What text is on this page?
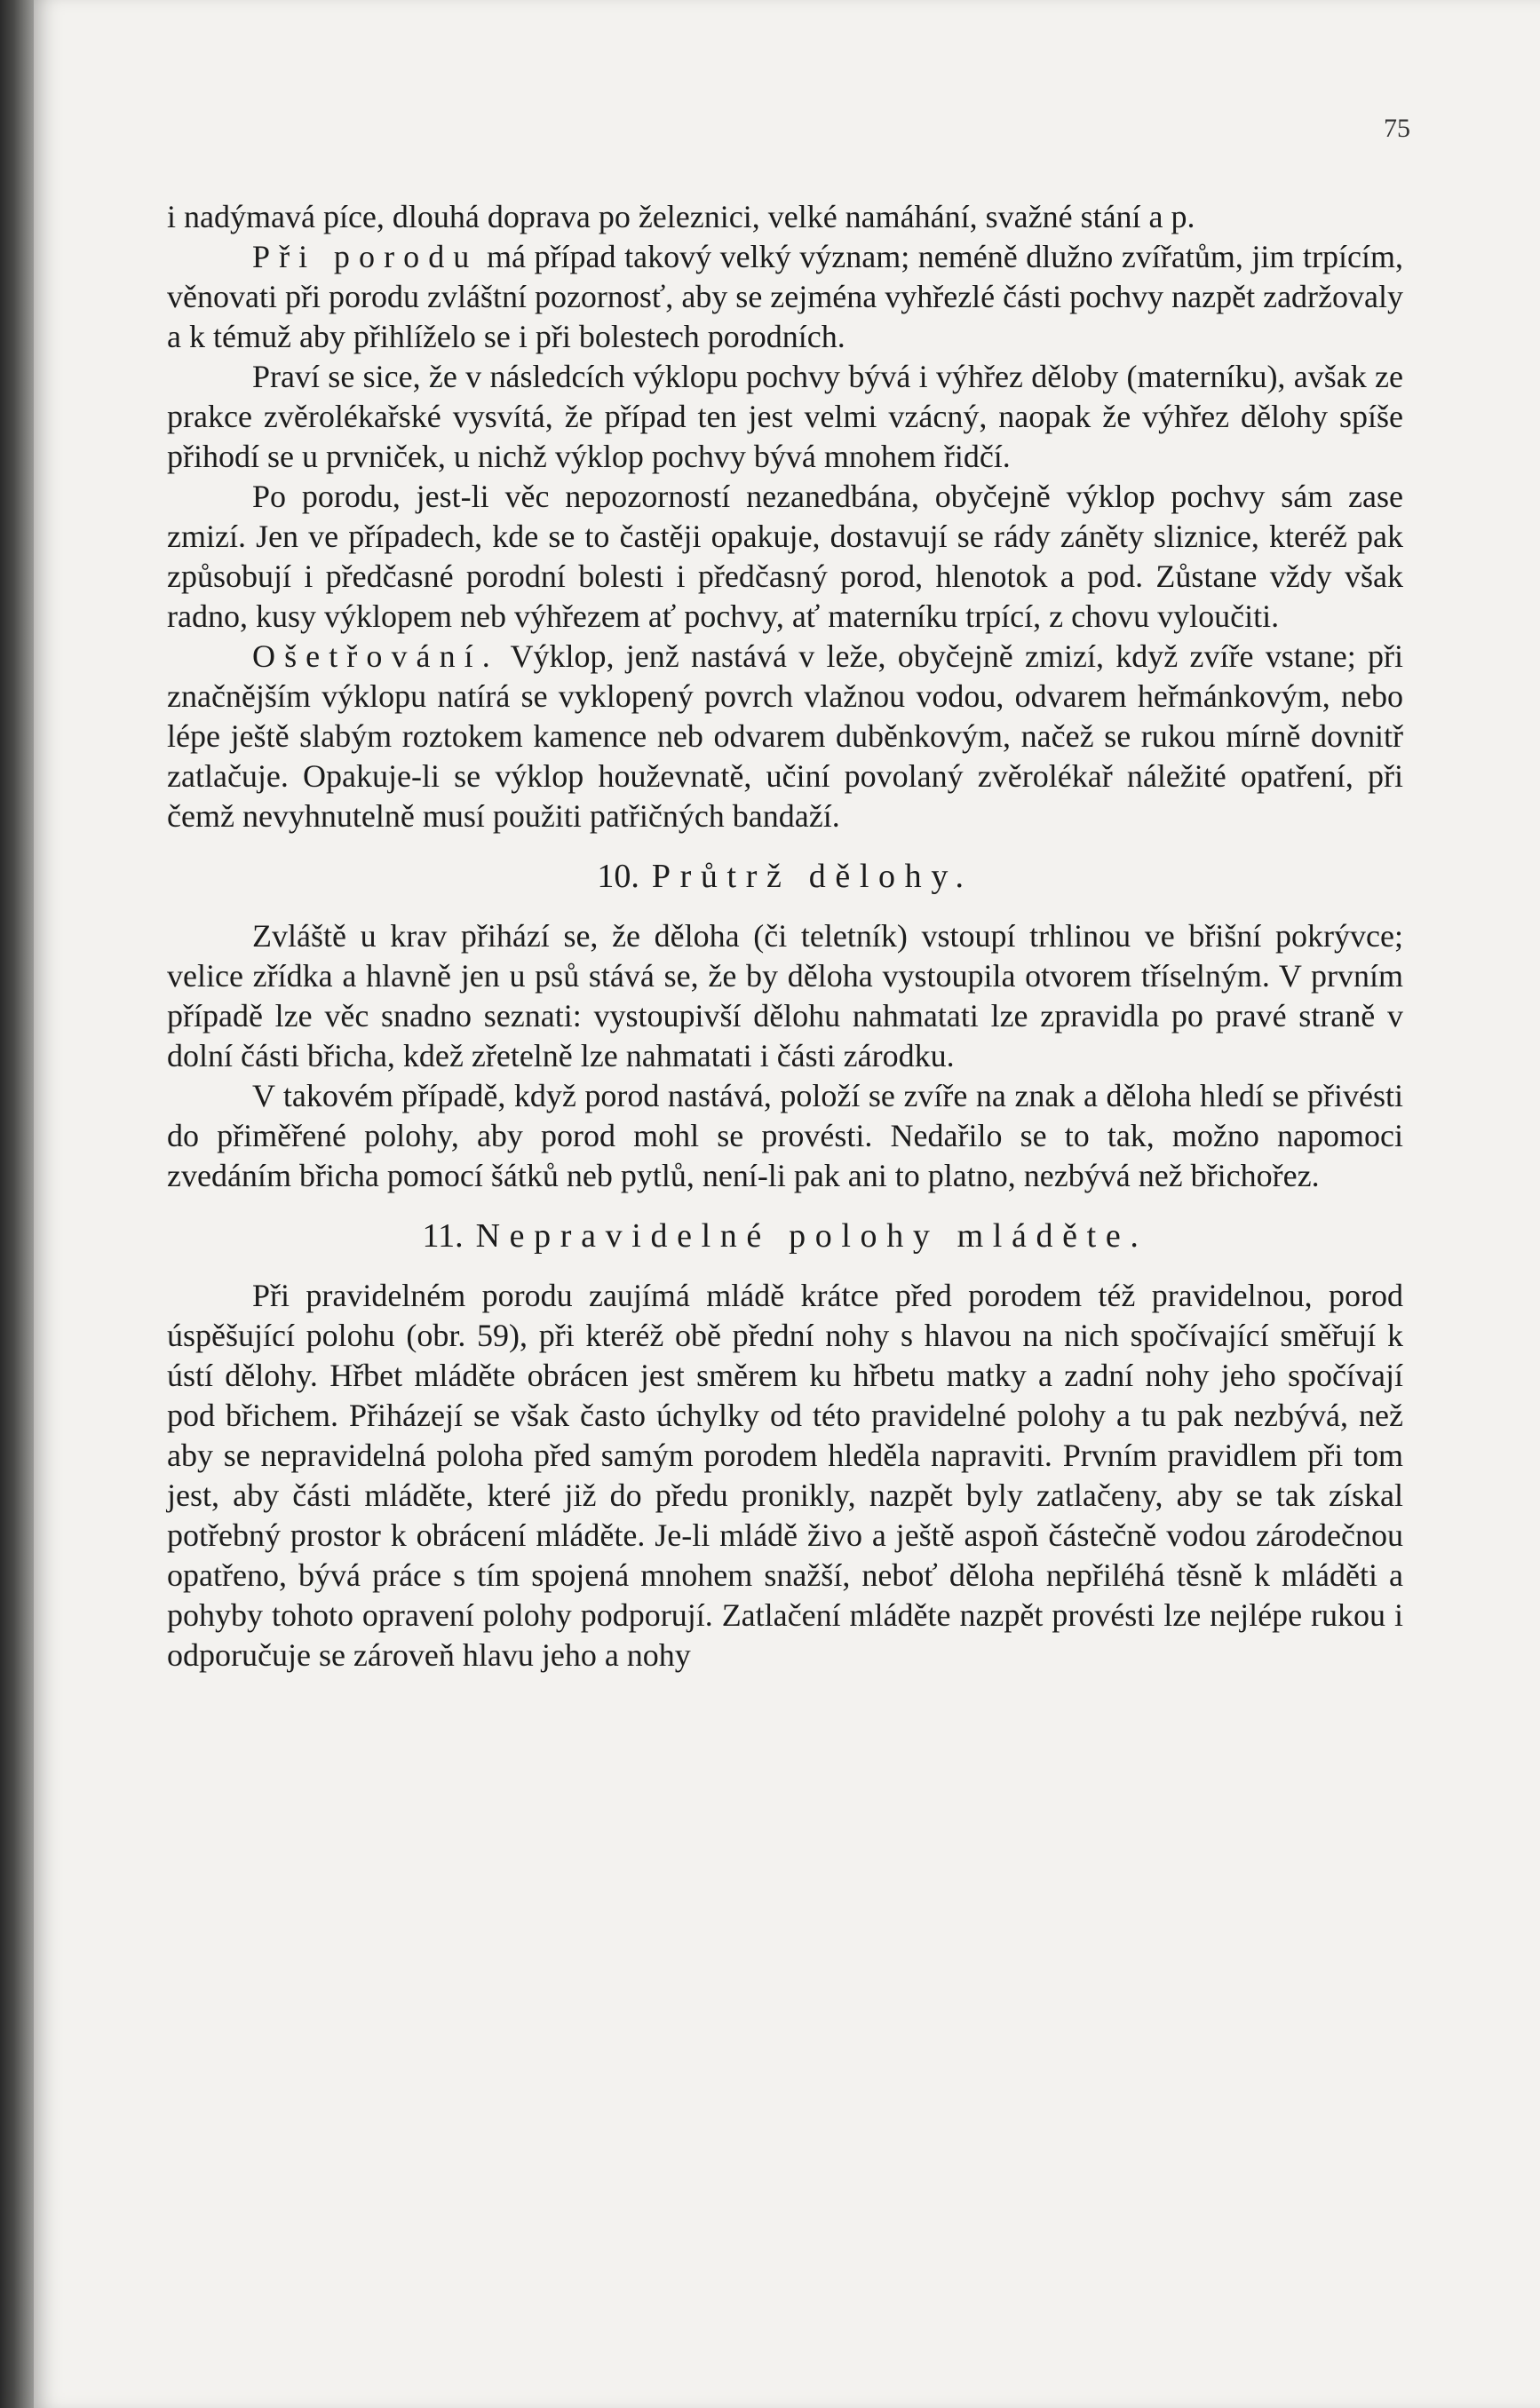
75

i nadýmavá píce, dlouhá doprava po železnici, velké namáhání, svažné stání a p.

Při porodu má případ takový velký význam; neméně dlužno zvířatům, jim trpícím, věnovati při porodu zvláštní pozornosť, aby se zejména vyhřezlé části pochvy nazpět zadržovaly a k témuž aby přihlíželo se i při bolestech porodních.

Praví se sice, že v následcích výklopu pochvy bývá i výhřez děloby (materníku), avšak ze prakce zvěrolékařské vysvítá, že případ ten jest velmi vzácný, naopak že výhřez dělohy spíše přihodí se u prvniček, u nichž výklop pochvy bývá mnohem řidčí.

Po porodu, jest-li věc nepozorností nezanedbána, obyčejně výklop pochvy sám zase zmizí. Jen ve případech, kde se to častěji opakuje, dostavují se rády záněty sliznice, kteréž pak způsobují i předčasné porodní bolesti i předčasný porod, hlenotok a pod. Zůstane vždy však radno, kusy výklopem neb výhřezem ať pochvy, ať materníku trpící, z chovu vyloučiti.

Ošetřování. Výklop, jenž nastává v leže, obyčejně zmizí, když zvíře vstane; při značnějším výklopu natírá se vyklopený povrch vlažnou vodou, odvarem heřmánkovým, nebo lépe ještě slabým roztokem kamence neb odvarem duběnkovým, načež se rukou mírně dovnitř zatlačuje. Opakuje-li se výklop houževnatě, učiní povolaný zvěrolékař náležité opatření, při čemž nevyhnutelně musí použiti patřičných bandaží.

10. Průtrž dělohy.

Zvláště u krav přihází se, že děloha (či teletník) vstoupí trhlinou ve břišní pokrývce; velice zřídka a hlavně jen u psů stává se, že by děloha vystoupila otvorem tříselným. V prvním případě lze věc snadno seznati: vystoupivší dělohu nahmatati lze zpravidla po pravé straně v dolní části břicha, kdež zřetelně lze nahmatati i části zárodku.

V takovém případě, když porod nastává, položí se zvíře na znak a děloha hledí se přivésti do přiměřené polohy, aby porod mohl se provésti. Nedařilo se to tak, možno napomoci zvedáním břicha pomocí šátků neb pytlů, není-li pak ani to platno, nezbývá než břichořez.

11. Nepravidelné polohy mláděte.

Při pravidelném porodu zaujímá mládě krátce před porodem též pravidelnou, porod úspěšující polohu (obr. 59), při kteréž obě přední nohy s hlavou na nich spočívající směřují k ústí dělohy. Hřbet mláděte obrácen jest směrem ku hřbetu matky a zadní nohy jeho spočívají pod břichem. Přiházejí se však často úchylky od této pravidelné polohy a tu pak nezbývá, než aby se nepravidelná poloha před samým porodem hleděla napraviti. Prvním pravidlem při tom jest, aby části mláděte, které již do předu pronikly, nazpět byly zatlačeny, aby se tak získal potřebný prostor k obrácení mláděte. Je-li mládě živo a ještě aspoň částečně vodou zárodečnou opatřeno, bývá práce s tím spojená mnohem snažší, neboť děloha nepřiléhá těsně k mláděti a pohyby tohoto opravení polohy podporují. Zatlačení mláděte nazpět provésti lze nejlépe rukou i odporučuje se zároveň hlavu jeho a nohy
